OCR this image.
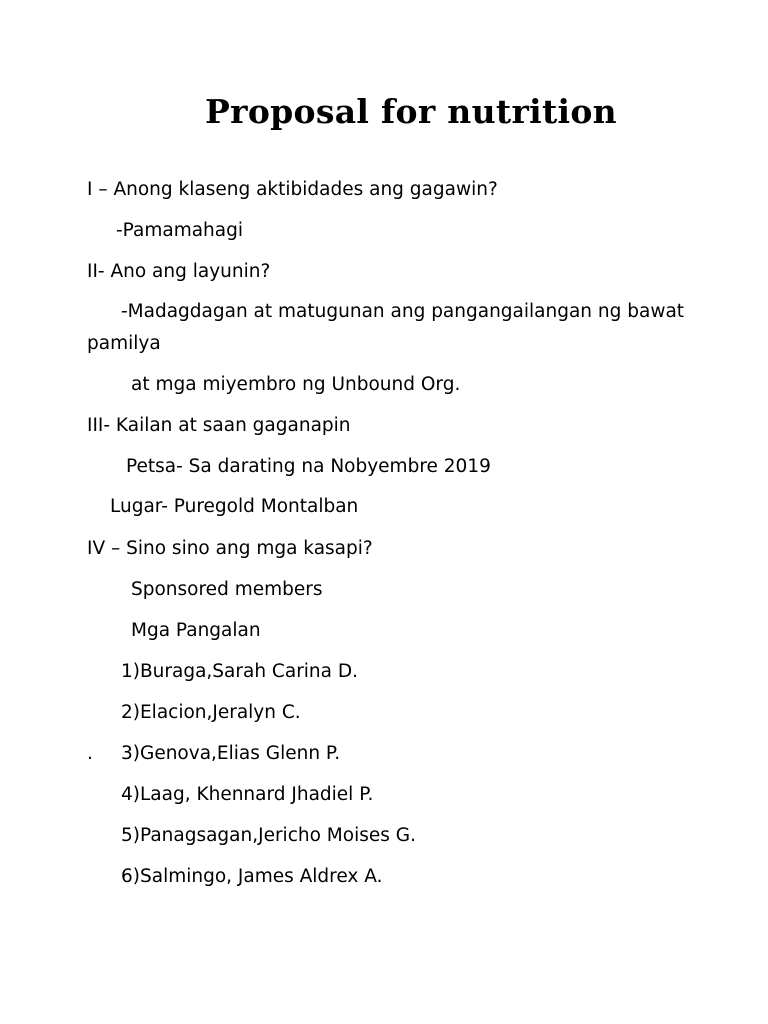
Proposal for nutrition
I – Anong klaseng aktibidades ang gagawin?
-Pamamahagi
II- Ano ang layunin?
-Madagdagan at matugunan ang pangangailangan ng bawat
pamilya
at mga miyembro ng Unbound Org.
III- Kailan at saan gaganapin
Petsa- Sa darating na Nobyembre 2019
Lugar- Puregold Montalban
IV – Sino sino ang mga kasapi?
Sponsored members
Mga Pangalan
1)Buraga,Sarah Carina D.
2)Elacion,Jeralyn C.
. 3)Genova,Elias Glenn P.
4)Laag, Khennard Jhadiel P.
5)Panagsagan,Jericho Moises G.
6)Salmingo, James Aldrex A.
